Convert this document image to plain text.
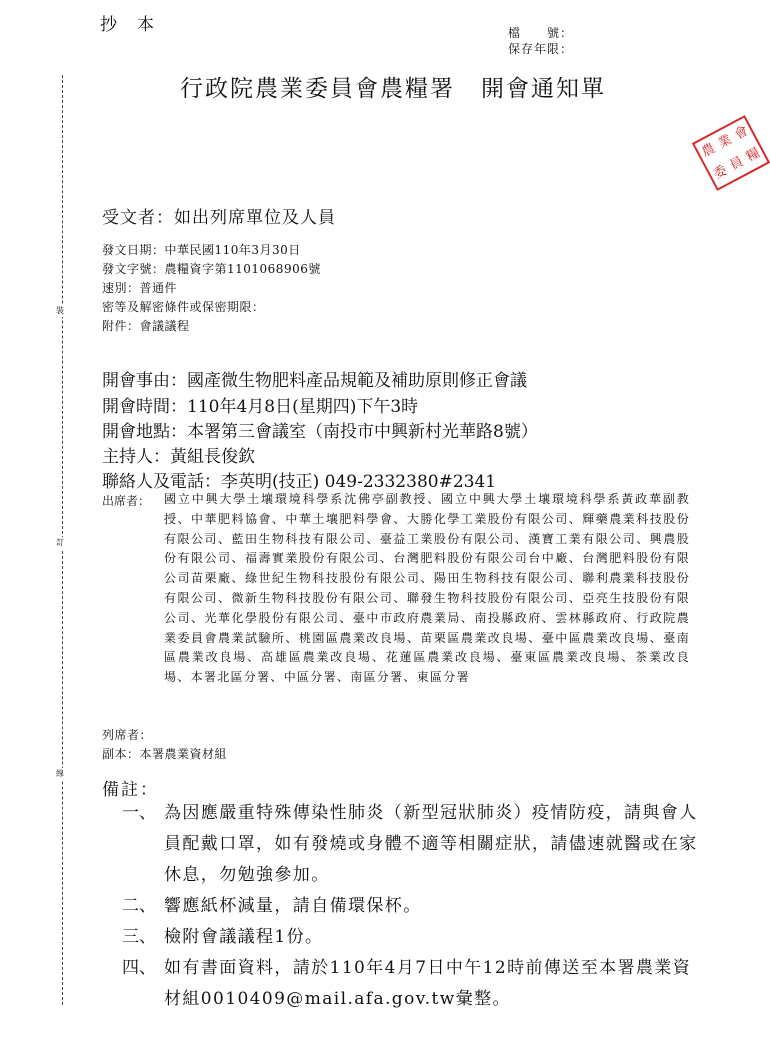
抄本	檔　　號：
保存年限：
行政院農業委員會農糧署 開會通知單
裝
訂
線
農
業
會
委
員
糧
受文者：如出列席單位及人員
發文日期：中華民國110年3月30日
發文字號：農糧資字第1101068906號
速別：普通件
密等及解密條件或保密期限：
附件：會議議程
開會事由：國產微生物肥料產品規範及補助原則修正會議
開會時間：110年4月8日(星期四)下午3時
開會地點：本署第三會議室（南投市中興新村光華路8號）
主持人：黃組長俊欽
聯絡人及電話：李英明(技正) 049-2332380#2341
出席者： 國立中興大學土壤環境科學系沈佛亭副教授、國立中興大學土壤環境科學系黃政華副教授、中華肥料協會、中華土壤肥料學會、大勝化學工業股份有限公司、輝藥農業科技股份有限公司、藍田生物科技有限公司、臺益工業股份有限公司、漢寶工業有限公司、興農股份有限公司、福壽實業股份有限公司、台灣肥料股份有限公司台中廠、台灣肥料股份有限公司苗栗廠、綠世紀生物科技股份有限公司、陽田生物科技有限公司、聯利農業科技股份有限公司、微新生物科技股份有限公司、聯發生物科技股份有限公司、亞亮生技股份有限公司、光華化學股份有限公司、臺中市政府農業局、南投縣政府、雲林縣政府、行政院農業委員會農業試驗所、桃園區農業改良場、苗栗區農業改良場、臺中區農業改良場、臺南區農業改良場、高雄區農業改良場、花蓮區農業改良場、臺東區農業改良場、茶業改良場、本署北區分署、中區分署、南區分署、東區分署
列席者：
副本：本署農業資材組
備註：
一、 為因應嚴重特殊傳染性肺炎（新型冠狀肺炎）疫情防疫，請與會人員配戴口罩，如有發燒或身體不適等相關症狀，請儘速就醫或在家休息，勿勉強參加。
二、 響應紙杯減量，請自備環保杯。
三、 檢附會議議程1份。
四、 如有書面資料，請於110年4月7日中午12時前傳送至本署農業資材組0010409@mail.afa.gov.tw彙整。
